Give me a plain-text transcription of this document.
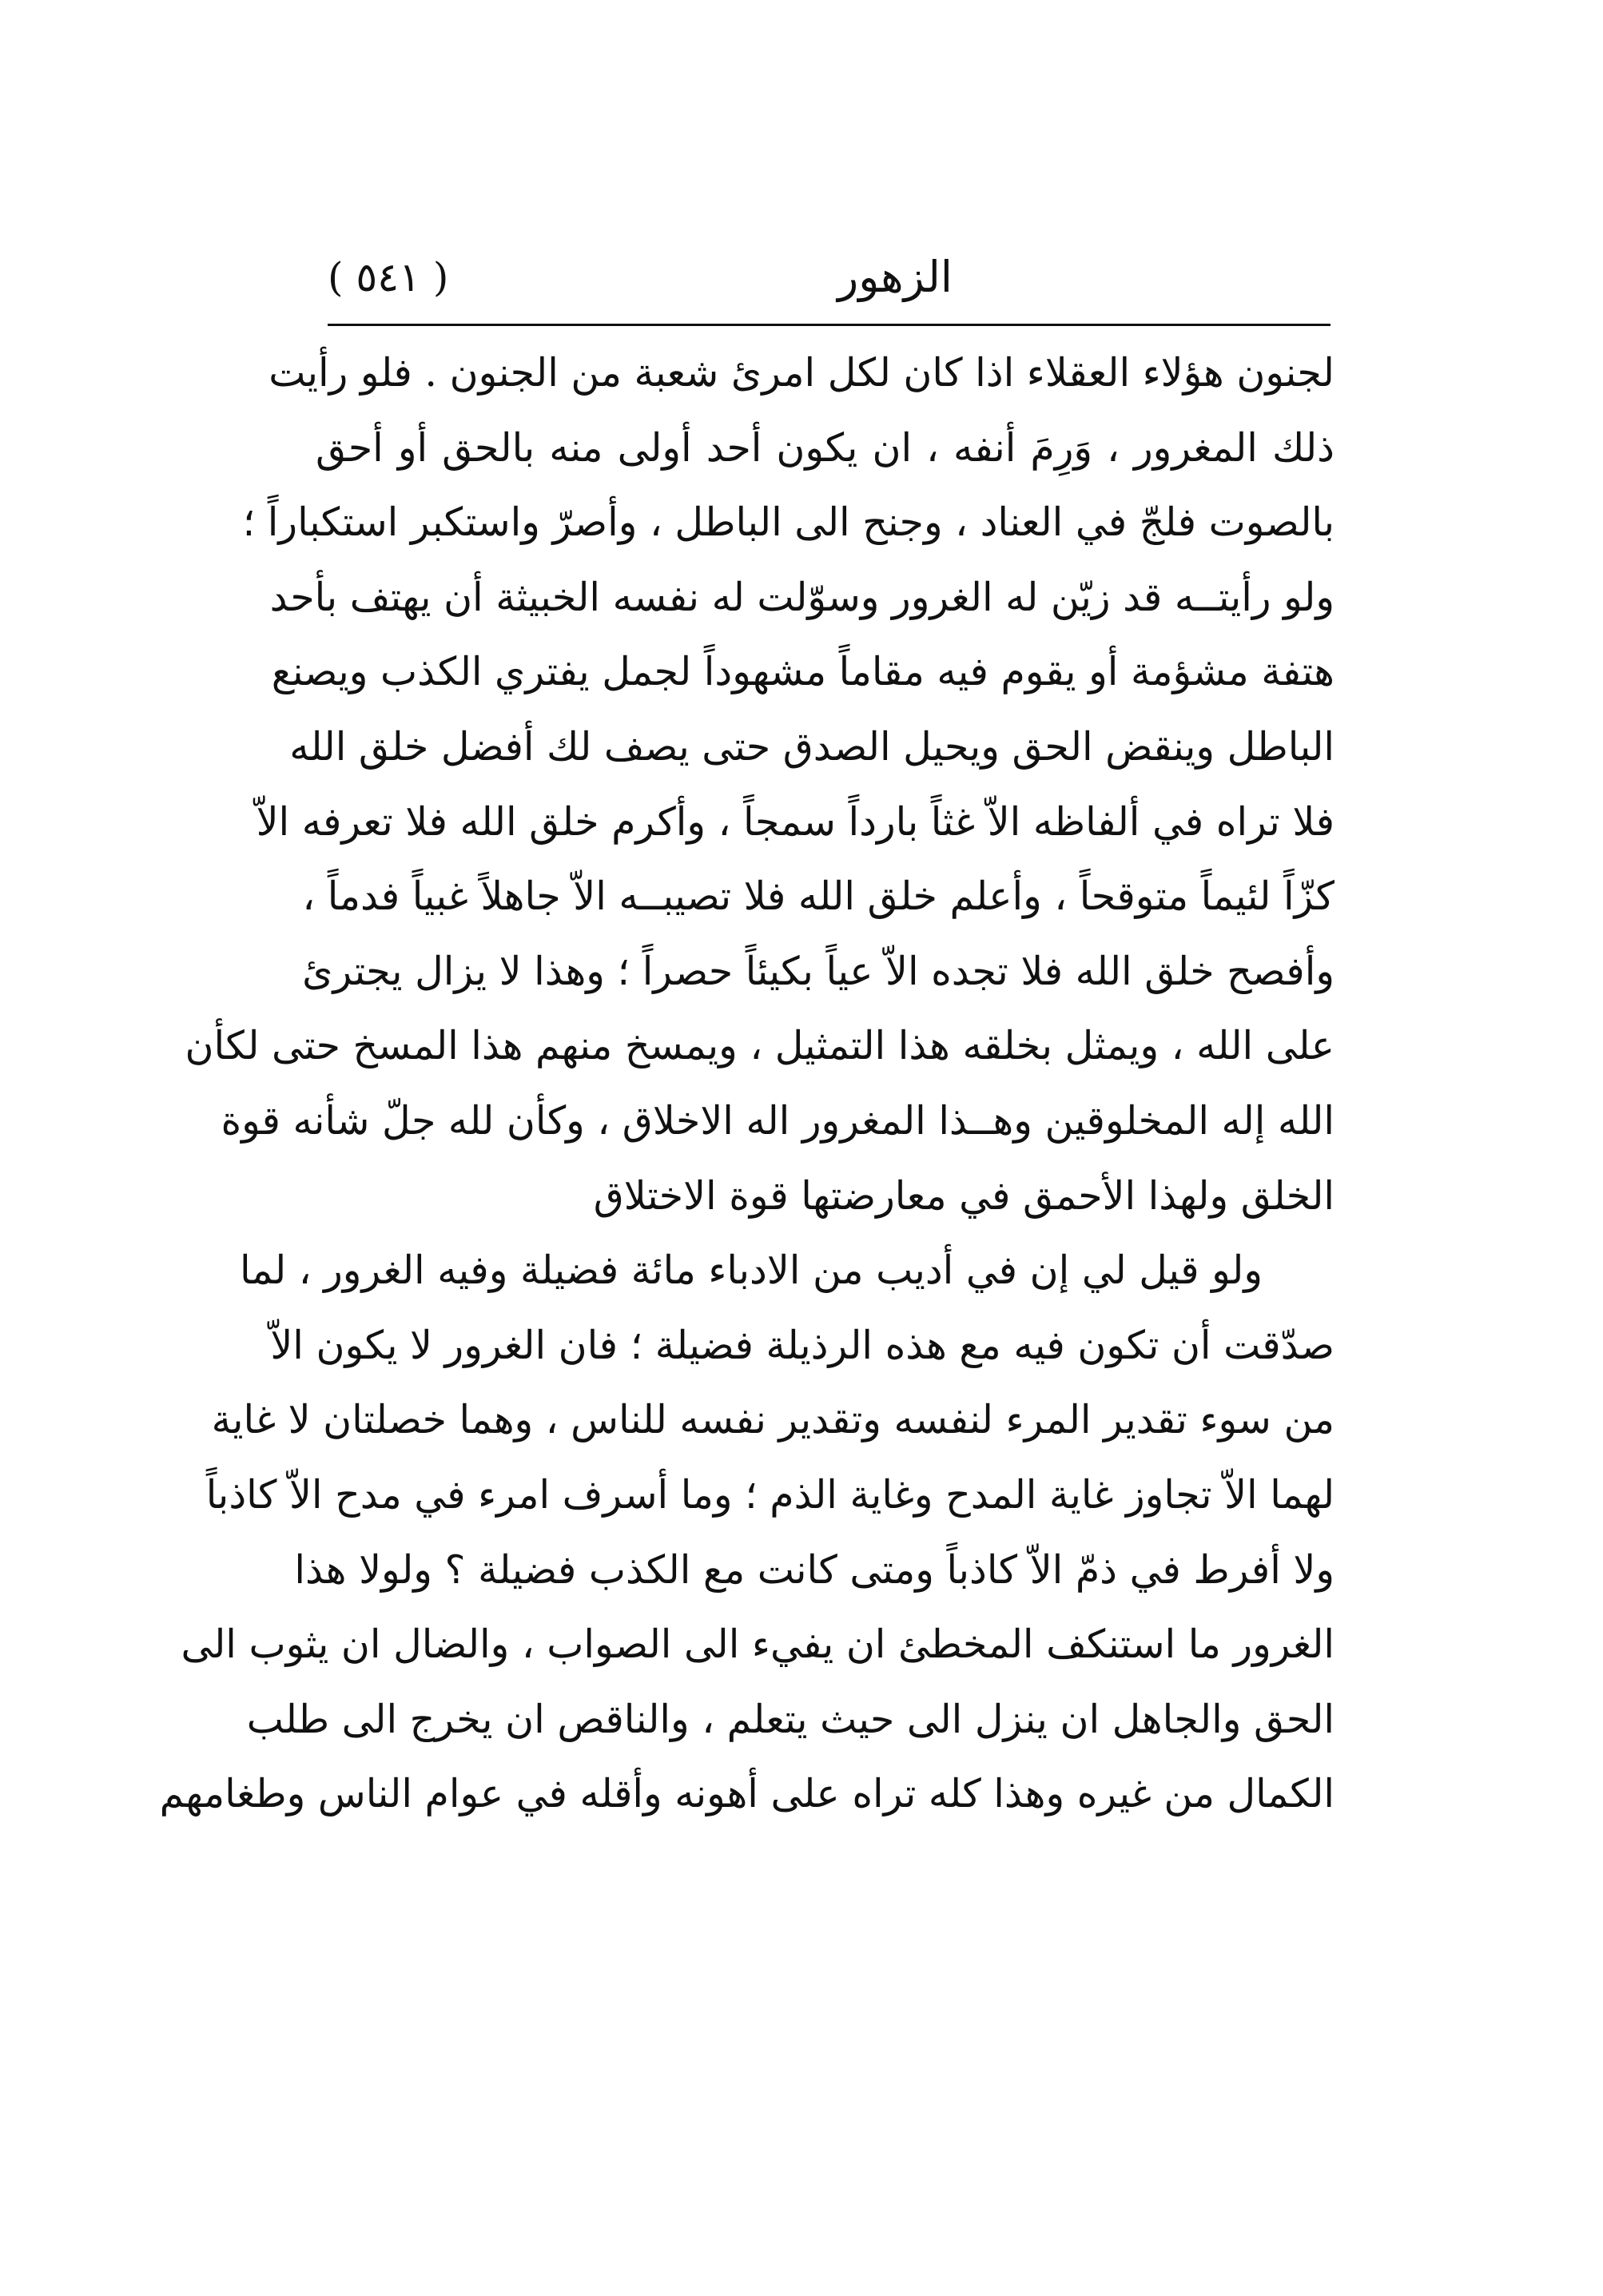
الزهور
( ٥٤١ )
لجنون هؤلاء العقلاء اذا كان لكل امرئ شعبة من الجنون . فلو رأيت
ذلك المغرور ، وَرِمَ أنفه ، ان يكون أحد أولى منه بالحق أو أحق
بالصوت فلجّ في العناد ، وجنح الى الباطل ، وأصرّ واستكبر استكباراً ؛
ولو رأيتــه قد زيّن له الغرور وسوّلت له نفسه الخبيثة أن يهتف بأحد
هتفة مشؤمة أو يقوم فيه مقاماً مشهوداً لجمل يفتري الكذب ويصنع
الباطل وينقض الحق ويحيل الصدق حتى يصف لك أفضل خلق الله
فلا تراه في ألفاظه الاّ غثاً بارداً سمجاً ، وأكرم خلق الله فلا تعرفه الاّ
كزّاً لئيماً متوقحاً ، وأعلم خلق الله فلا تصيبــه الاّ جاهلاً غبياً فدماً ،
وأفصح خلق الله فلا تجده الاّ عياً بكيئاً حصراً ؛ وهذا لا يزال يجترئ
على الله ، ويمثل بخلقه هذا التمثيل ، ويمسخ منهم هذا المسخ حتى لكأن
الله إله المخلوقين وهــذا المغرور اله الاخلاق ، وكأن لله جلّ شأنه قوة
الخلق ولهذا الأحمق في معارضتها قوة الاختلاق
ولو قيل لي إن في أديب من الادباء مائة فضيلة وفيه الغرور ، لما
صدّقت أن تكون فيه مع هذه الرذيلة فضيلة ؛ فان الغرور لا يكون الاّ
من سوء تقدير المرء لنفسه وتقدير نفسه للناس ، وهما خصلتان لا غاية
لهما الاّ تجاوز غاية المدح وغاية الذم ؛ وما أسرف امرء في مدح الاّ كاذباً
ولا أفرط في ذمّ الاّ كاذباً ومتى كانت مع الكذب فضيلة ؟ ولولا هذا
الغرور ما استنكف المخطئ ان يفيء الى الصواب ، والضال ان يثوب الى
الحق والجاهل ان ينزل الى حيث يتعلم ، والناقص ان يخرج الى طلب
الكمال من غيره وهذا كله تراه على أهونه وأقله في عوام الناس وطغامهم
